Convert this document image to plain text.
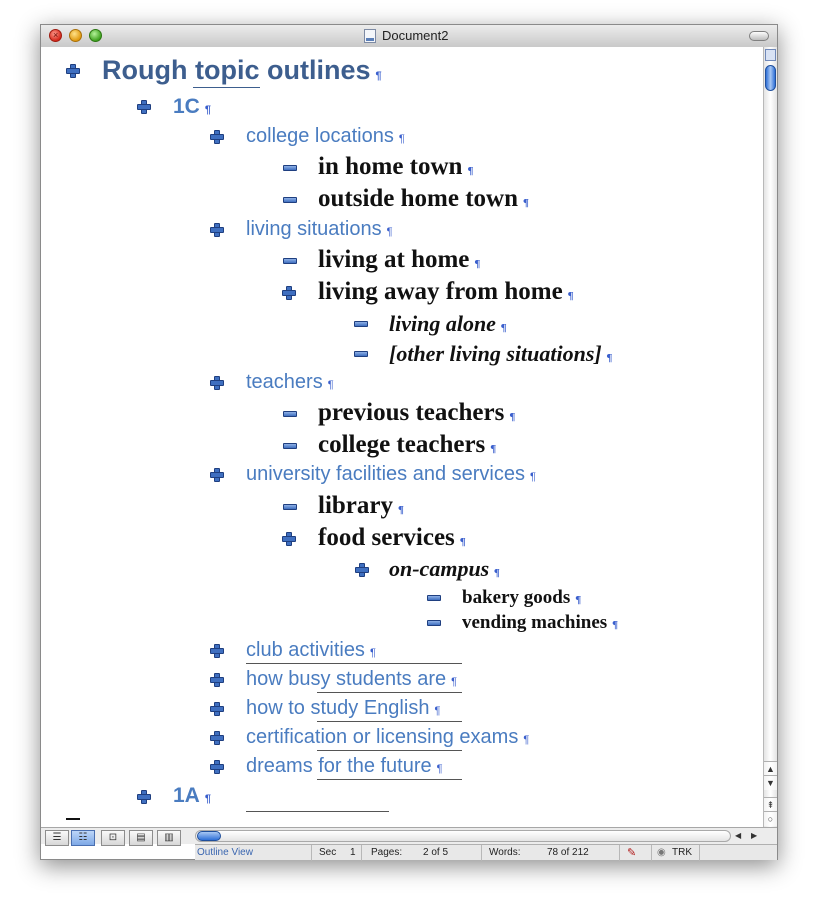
×	Document2
Rough topic outlines ¶
1C ¶
college locations ¶
in home town ¶
outside home town ¶
living situations ¶
living at home ¶
living away from home ¶
living alone ¶
[other living situations] ¶
teachers ¶
previous teachers ¶
college teachers ¶
university facilities and services ¶
library ¶
food services ¶
on-campus ¶
bakery goods ¶
vending machines ¶
club activities ¶
how busy students are ¶
how to study English ¶
certification or licensing exams ¶
dreams for the future ¶
1A ¶
▲
▼
⇞
○
☰	☷	⊡	▤	▥	◀ ▶
Outline View	Sec 1 Pages: 2 of 5	Words:	78 of 212	✎ ◉ TRK
